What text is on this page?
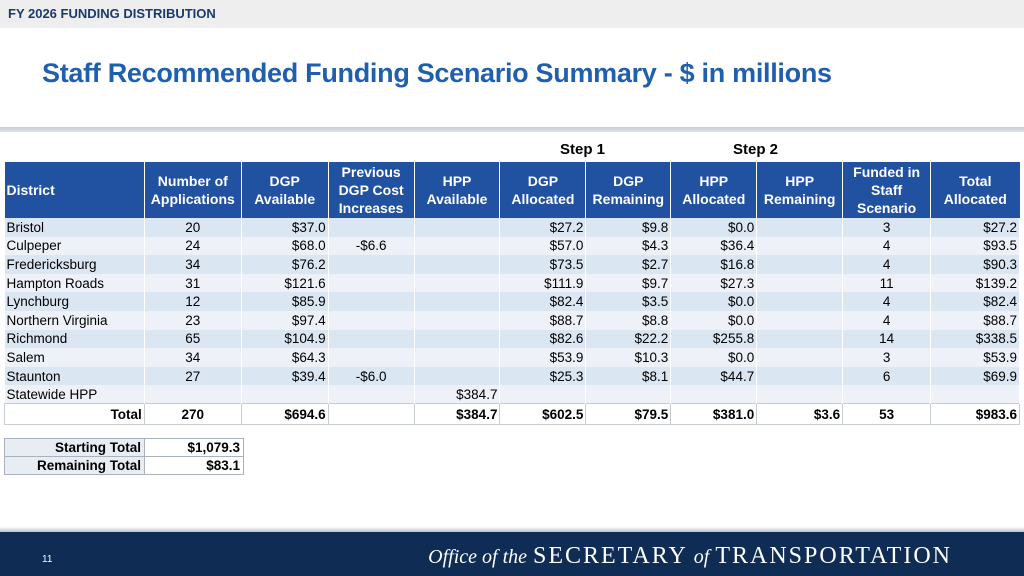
FY 2026 FUNDING DISTRIBUTION
Staff Recommended Funding Scenario Summary - $ in millions
Step 1	Step 2
District	Number of Applications	DGP Available	Previous DGP Cost Increases	HPP Available	DGP Allocated	DGP Remaining	HPP Allocated	HPP Remaining	Funded in Staff Scenario	Total Allocated
Bristol	20	$37.0			$27.2	$9.8	$0.0		3	$27.2
Culpeper	24	$68.0	-$6.6		$57.0	$4.3	$36.4		4	$93.5
Fredericksburg	34	$76.2			$73.5	$2.7	$16.8		4	$90.3
Hampton Roads	31	$121.6			$111.9	$9.7	$27.3		11	$139.2
Lynchburg	12	$85.9			$82.4	$3.5	$0.0		4	$82.4
Northern Virginia	23	$97.4			$88.7	$8.8	$0.0		4	$88.7
Richmond	65	$104.9			$82.6	$22.2	$255.8		14	$338.5
Salem	34	$64.3			$53.9	$10.3	$0.0		3	$53.9
Staunton	27	$39.4	-$6.0		$25.3	$8.1	$44.7		6	$69.9
Statewide HPP				$384.7						
Total	270	$694.6		$384.7	$602.5	$79.5	$381.0	$3.6	53	$983.6
Starting Total	$1,079.3
Remaining Total	$83.1
11	Office of the SECRETARY of TRANSPORTATION
